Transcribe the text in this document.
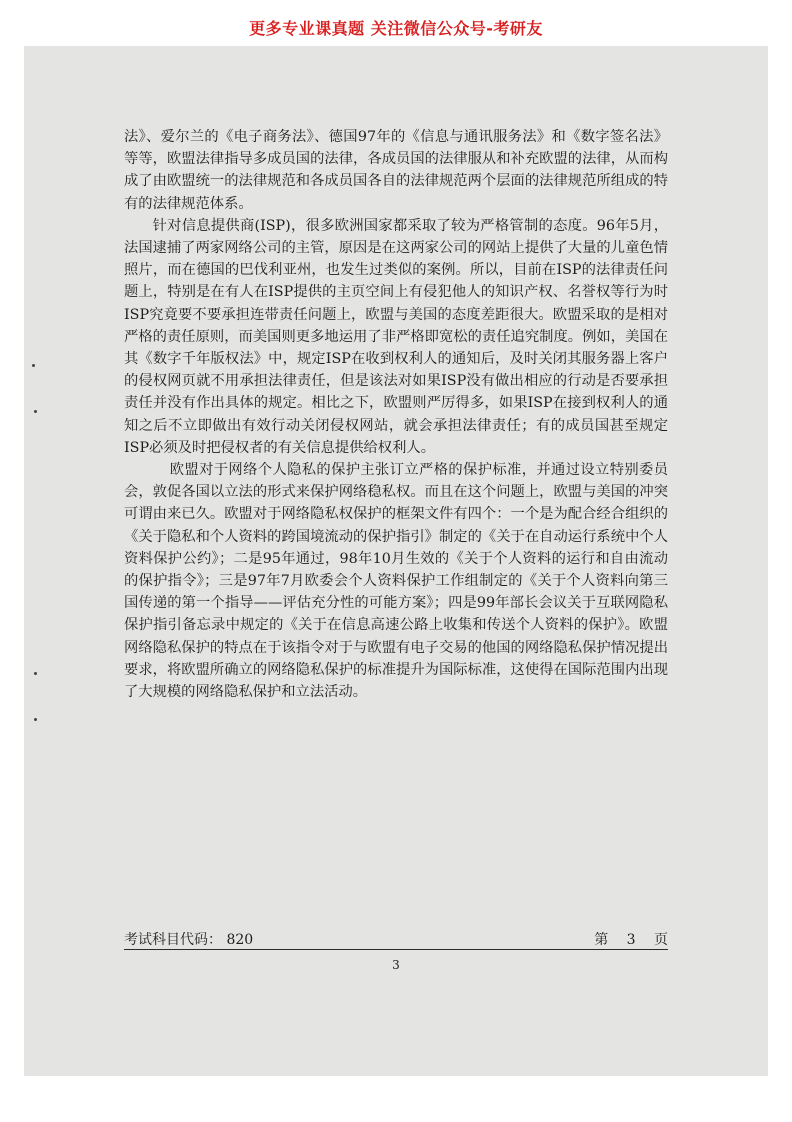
更多专业课真题 关注微信公众号-考研友

法》、爱尔兰的《电子商务法》、德国97年的《信息与通讯服务法》和《数字签名法》等等，欧盟法律指导多成员国的法律，各成员国的法律服从和补充欧盟的法律，从而构成了由欧盟统一的法律规范和各成员国各自的法律规范两个层面的法律规范所组成的特有的法律规范体系。

针对信息提供商(ISP)，很多欧洲国家都采取了较为严格管制的态度。96年5月，法国逮捕了两家网络公司的主管，原因是在这两家公司的网站上提供了大量的儿童色情照片，而在德国的巴伐利亚州，也发生过类似的案例。所以，目前在ISP的法律责任问题上，特别是在有人在ISP提供的主页空间上有侵犯他人的知识产权、名誉权等行为时ISP究竟要不要承担连带责任问题上，欧盟与美国的态度差距很大。欧盟采取的是相对严格的责任原则，而美国则更多地运用了非严格即宽松的责任追究制度。例如，美国在其《数字千年版权法》中，规定ISP在收到权利人的通知后，及时关闭其服务器上客户的侵权网页就不用承担法律责任，但是该法对如果ISP没有做出相应的行动是否要承担责任并没有作出具体的规定。相比之下，欧盟则严厉得多，如果ISP在接到权利人的通知之后不立即做出有效行动关闭侵权网站，就会承担法律责任；有的成员国甚至规定ISP必须及时把侵权者的有关信息提供给权利人。

欧盟对于网络个人隐私的保护主张订立严格的保护标准，并通过设立特别委员会，敦促各国以立法的形式来保护网络稳私权。而且在这个问题上，欧盟与美国的冲突可谓由来已久。欧盟对于网络隐私权保护的框架文件有四个：一个是为配合经合组织的《关于隐私和个人资料的跨国境流动的保护指引》制定的《关于在自动运行系统中个人资料保护公约》；二是95年通过，98年10月生效的《关于个人资料的运行和自由流动的保护指令》；三是97年7月欧委会个人资料保护工作组制定的《关于个人资料向第三国传递的第一个指导——评估充分性的可能方案》；四是99年部长会议关于互联网隐私保护指引备忘录中规定的《关于在信息高速公路上收集和传送个人资料的保护》。欧盟网络隐私保护的特点在于该指令对于与欧盟有电子交易的他国的网络隐私保护情况提出要求，将欧盟所确立的网络隐私保护的标准提升为国际标准，这使得在国际范围内出现了大规模的网络隐私保护和立法活动。

考试科目代码： 820	第 3 页
3
